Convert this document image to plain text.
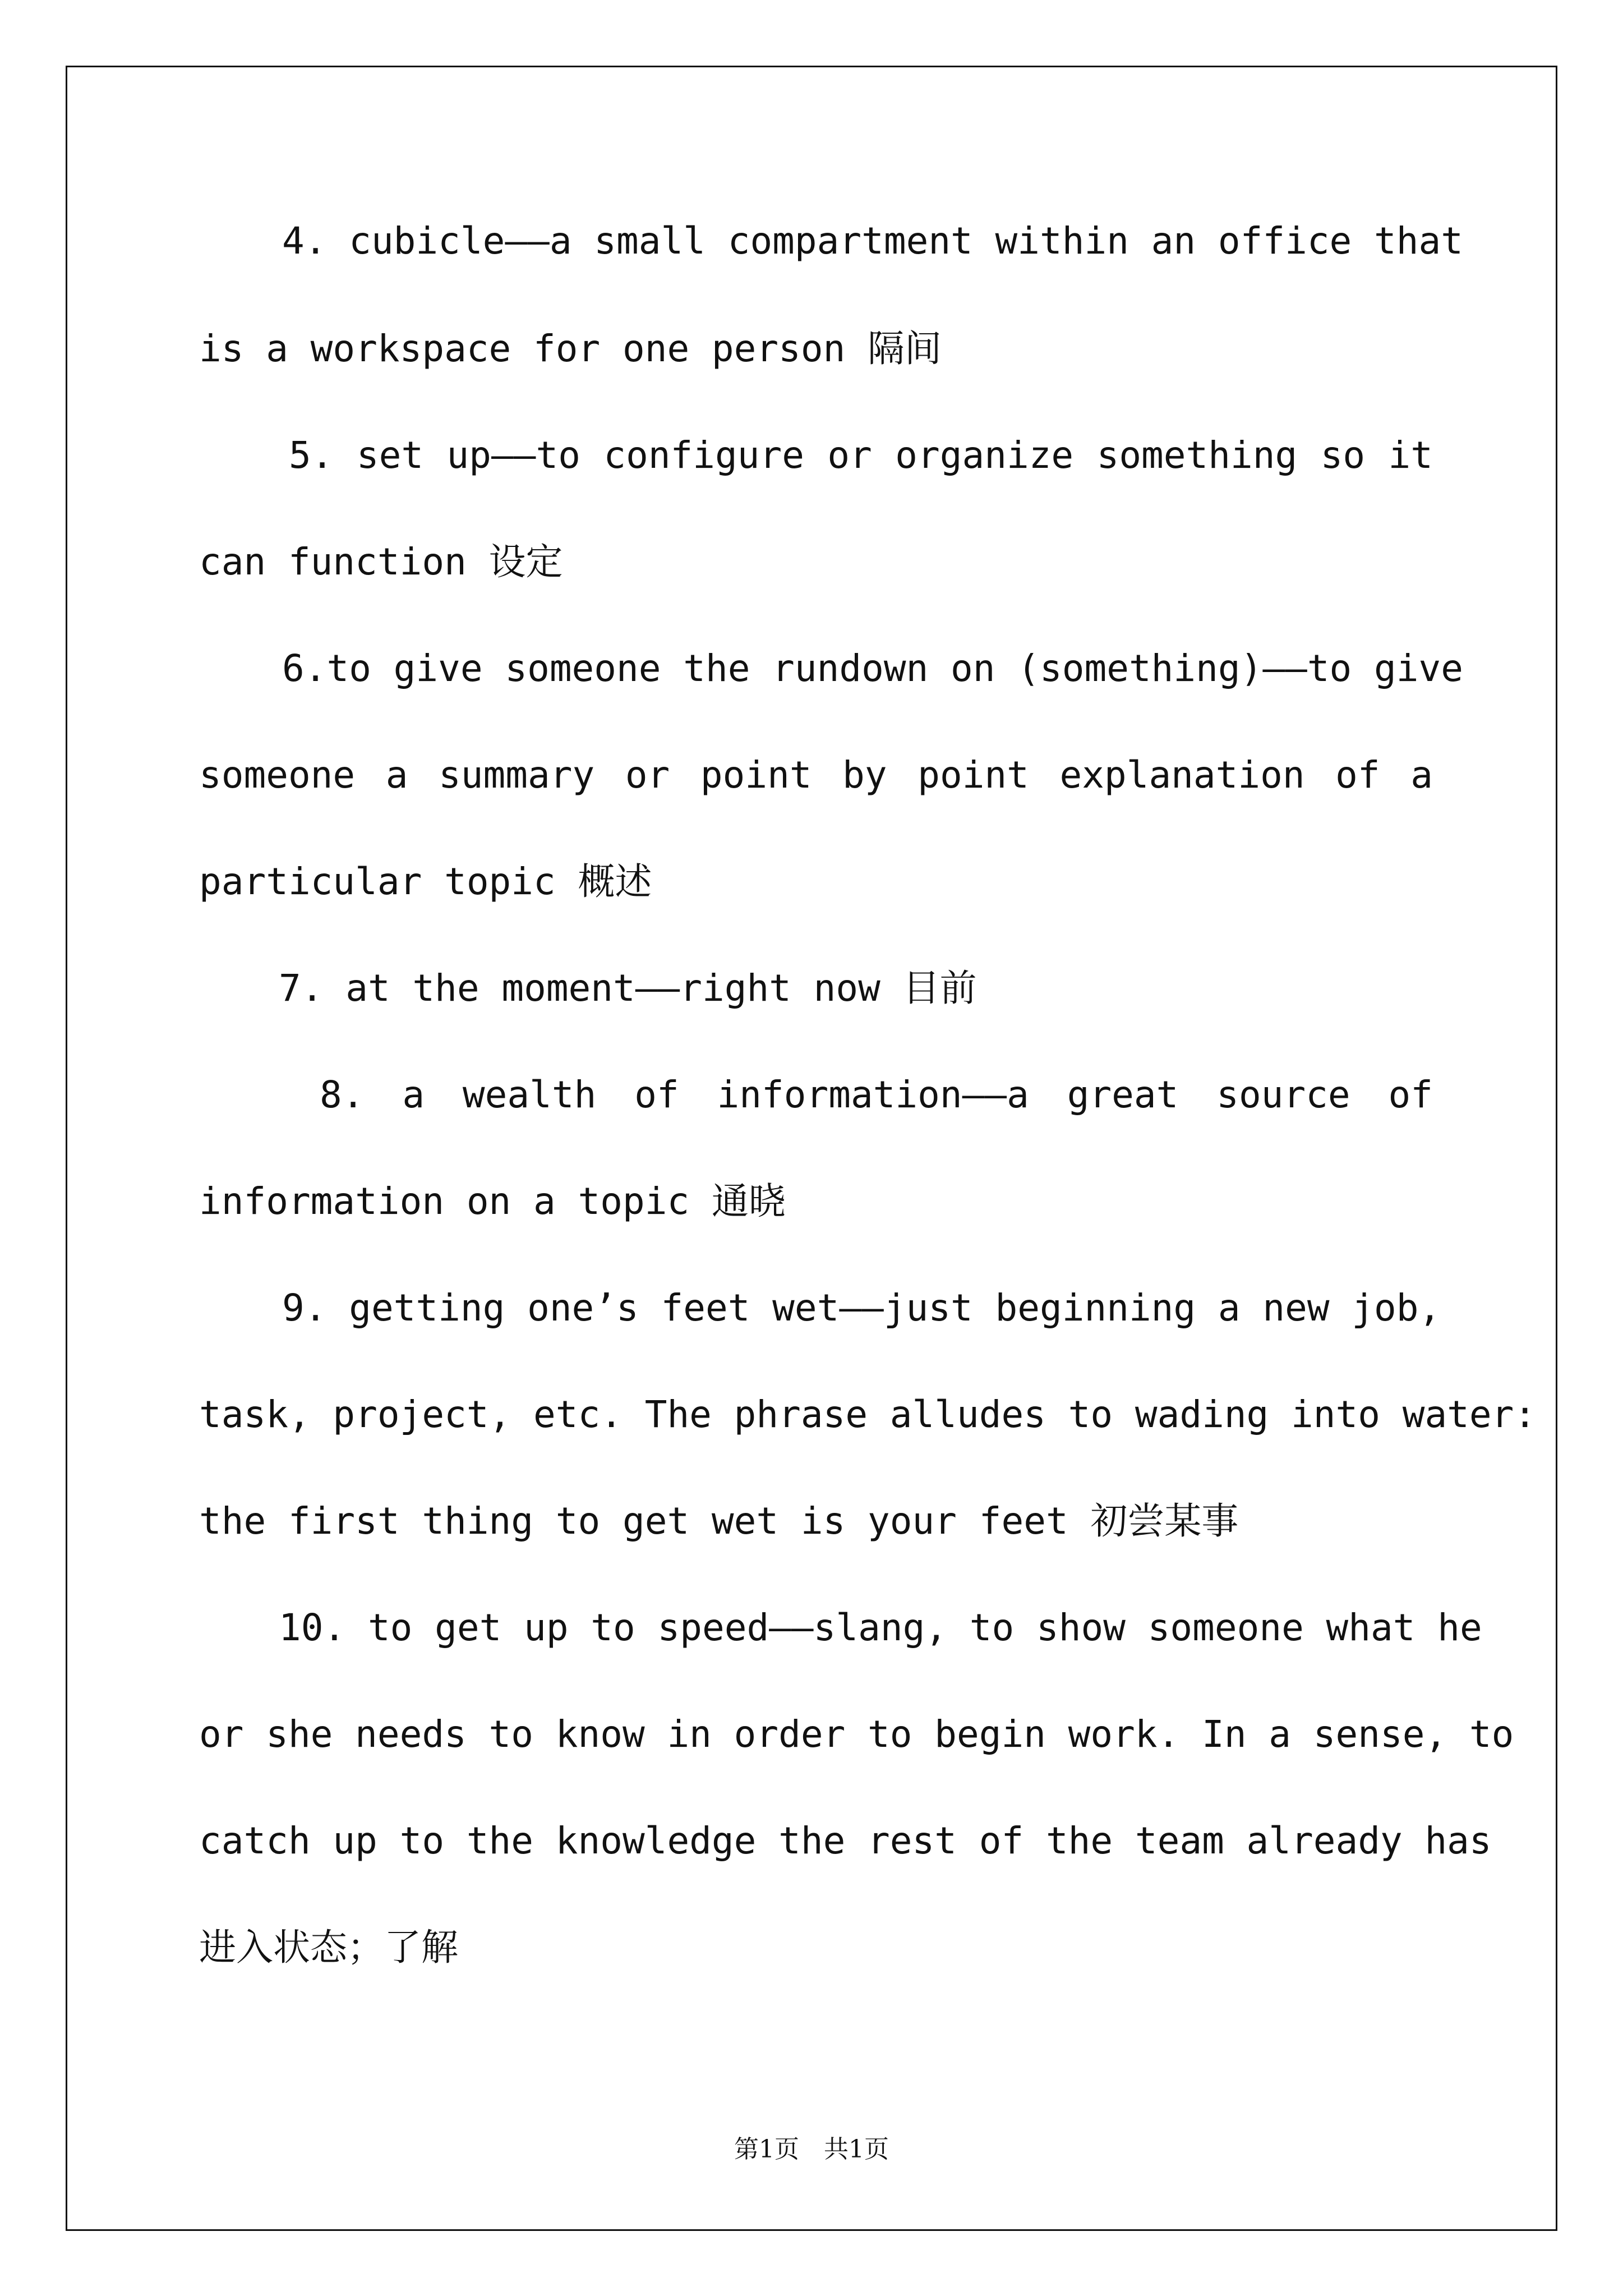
4. cubicle——a small compartment within an office that
is a workspace for one person 隔间
5. set up——to configure or organize something so it
can function 设定
6.to give someone the rundown on (something)——to give
someone a summary or point by point explanation of a
particular topic 概述
7. at the moment——right now 目前
8. a wealth of information——a great source of
information on a topic 通晓
9. getting one’s feet wet——just beginning a new job,
task, project, etc. The phrase alludes to wading into water:
the first thing to get wet is your feet 初尝某事
10. to get up to speed——slang, to show someone what he
or she needs to know in order to begin work. In a sense, to
catch up to the knowledge the rest of the team already has
进入状态；了解
第1页　共1页
